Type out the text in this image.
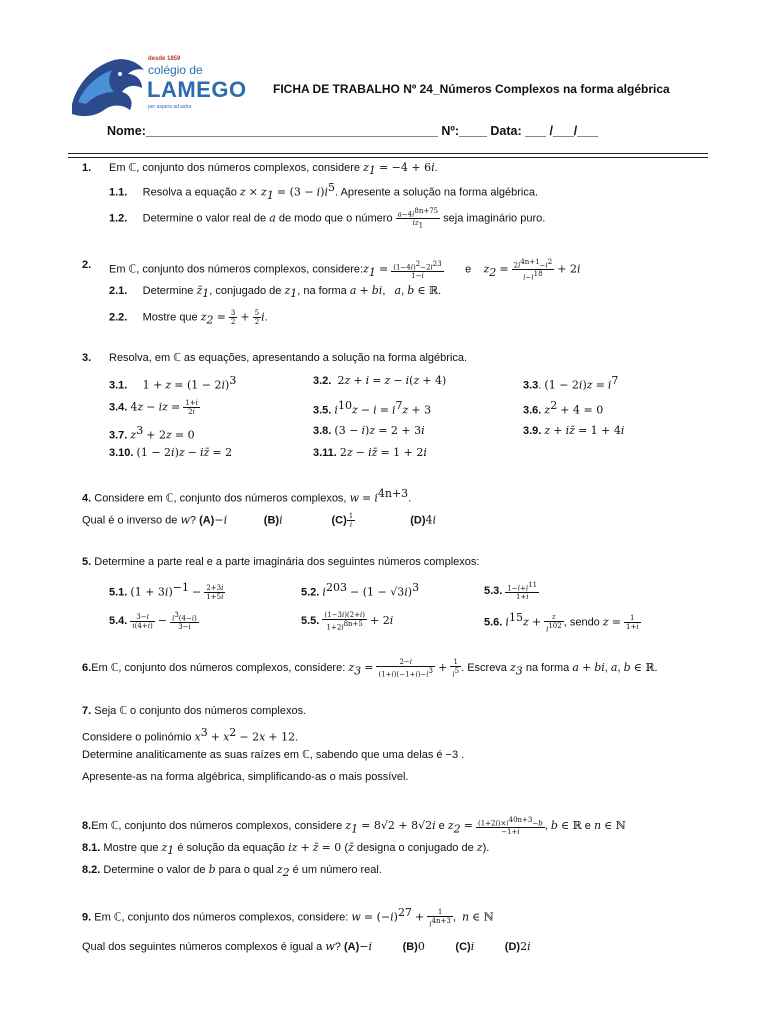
desde 1859
colégio de
LAMEGO
per aspera ad astra
FICHA DE TRABALHO Nº 24_Números Complexos na forma algébrica
Nome:__________________________________________ Nº:____ Data: ___ /___/___
1. Em ℂ, conjunto dos números complexos, considere $z_1 = -4 + 6i$.
1.1.     Resolva a equação $z \times z_1 = (3 - i)i^5$. Apresente a solução na forma algébrica.
1.2.     Determine o valor real de a de modo que o número $\frac{a-4i^{8n+75}}{iz_1}$ seja imaginário puro.
2. Em ℂ, conjunto dos números complexos, $considere:z_1 = \frac{(1-4i)^2-2i^{23}}{1-i}$ e    $z_2 = \frac{2i^{4n+1}-i^2}{i-i^{18}} + 2i$
2.1.     Determine $z̄_1$, conjugado de $z_1$, na forma a + bi,   a, b ∈ ℝ.
2.2.     Mostre que $z_2 = \frac{3}{2} + \frac{5}{2} i$.
3. Resolva, em ℂ as equações, apresentando a solução na forma algébrica.
3.1. $1 + z = (1 - 2i)^3$	3.2. 2z + i = z − i(z + 4)	3.3. $(1 - 2i)z = i^7$
3.4. 4z − iz = $\frac{1+i}{2i}$	3.5. $i^{10}z - i = i^7z + 3$	3.6. $z^2 + 4 = 0$
3.7. $z^3 + 2z = 0$	3.8. (3 − i)z = 2 + 3i	3.9. z + iz̄ = 1 + 4i
3.10. (1 − 2i)z − iz̄ = 2	3.11. 2z − iz̄ = 1 + 2i
4. Considere em ℂ, conjunto dos números complexos, $w = i^{4n+3}$.
Qual é o inverso de w? (A)−i	(B)i	$(C) \frac{1}{i}$	(D)4i
5. Determine a parte real e a parte imaginária dos seguintes números complexos:
5.1. $(1 + 3i)^{-1} - \frac{2+3i}{1+5i}$	5.2. $i^{203} - (1 - √3i)^3$	5.3. $\frac{1-i+i^{11}}{1+i}$
5.4. $\frac{3-i}{i(4+i)} - \frac{i^3(4-i)}{3-i}$	5.5. $\frac{(1-3i)(2+i)}{1+2i^{8n+5}} + 2i$	5.6. $i^{15}z + \frac{z}{i^{102}}$ , sendo $z = \frac{1}{1+i}$
6.Em ℂ, conjunto dos números complexos, considere: $z_3 = \frac{2-i}{(1+i)(-1+i)-i^3} + \frac{1}{i^5}$ . Escreva $z_3$ na forma a + bi, a, b ∈ ℝ.
7. Seja ℂ o conjunto dos números complexos.
Considere o polinómio $x^3 + x^2 - 2x + 12$.
Determine analiticamente as suas raízes em ℂ, sabendo que uma delas é −3 .
Apresente-as na forma algébrica, simplificando-as o mais possível.
8.Em ℂ, conjunto dos números complexos, considere $z_1 = 8√2 + 8√2i$ e $z_2 = \frac{(1+2i)\times i^{40n+3}-b}{-1+i}$ , b ∈ ℝ e n ∈ ℕ
8.1. Mostre que $z_1$ é solução da equação iz + z̄ = 0 (z̄ designa o conjugado de z).
8.2. Determine o valor de b para o qual $z_2$ é um número real.
9. Em ℂ, conjunto dos números complexos, considere: $w = (-i)^{27} + \frac{1}{i^{4n+3}}$ ,  n ∈ ℕ
Qual dos seguintes números complexos é igual a w? (A)−i	(B)0	(C)i	(D)2i
